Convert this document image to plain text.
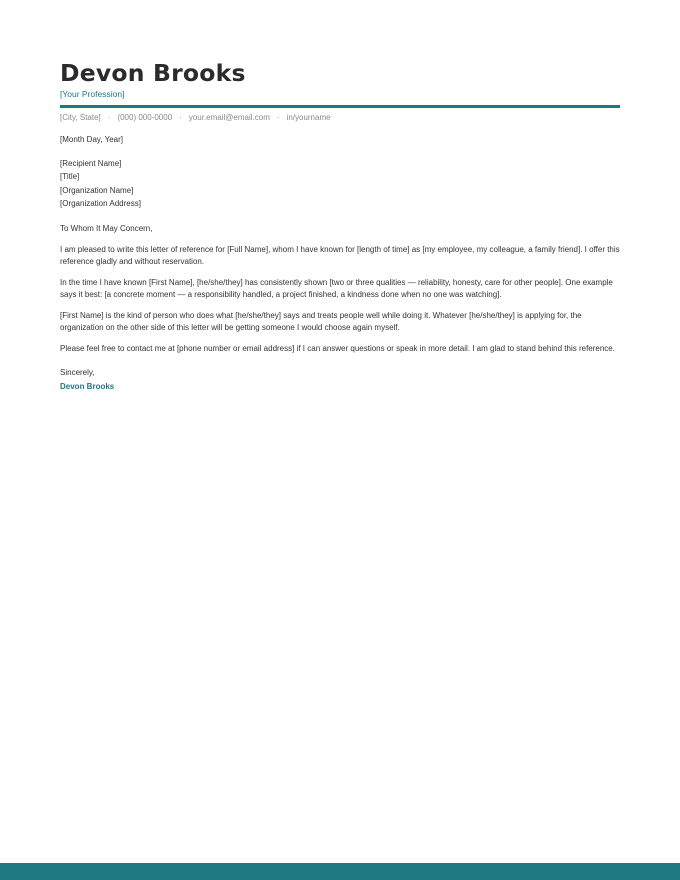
Devon Brooks
[Your Profession]
[City, State] · (000) 000-0000 · your.email@email.com · in/yourname
[Month Day, Year]
[Recipient Name]
[Title]
[Organization Name]
[Organization Address]
To Whom It May Concern,

I am pleased to write this letter of reference for [Full Name], whom I have known for [length of time] as [my employee, my colleague, a family friend]. I offer this reference gladly and without reservation.

In the time I have known [First Name], [he/she/they] has consistently shown [two or three qualities — reliability, honesty, care for other people]. One example says it best: [a concrete moment — a responsibility handled, a project finished, a kindness done when no one was watching].

[First Name] is the kind of person who does what [he/she/they] says and treats people well while doing it. Whatever [he/she/they] is applying for, the organization on the other side of this letter will be getting someone I would choose again myself.

Please feel free to contact me at [phone number or email address] if I can answer questions or speak in more detail. I am glad to stand behind this reference.

Sincerely,
Devon Brooks
